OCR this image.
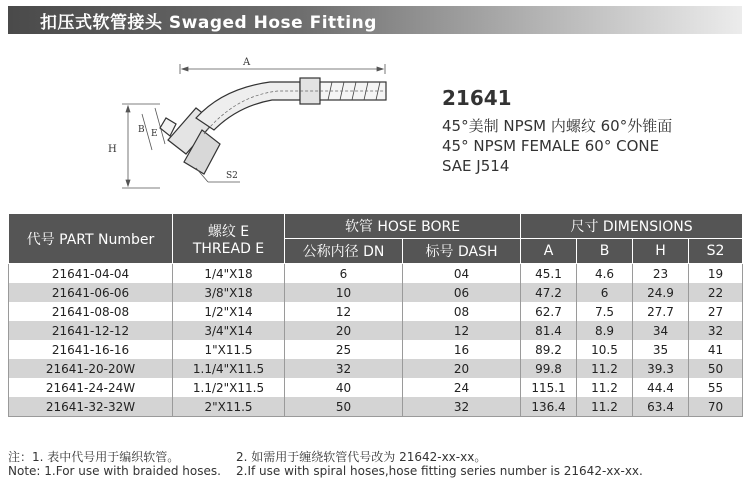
扣压式软管接头 Swaged Hose Fitting
A
H
B E
S2
21641
45°美制 NPSM 内螺纹 60°外锥面
45° NPSM FEMALE 60° CONE
SAE J514
代号 PART Number	螺纹 E
THREAD E	软管 HOSE BORE		尺寸 DIMENSIONS			
		公称内径 DN	标号 DASH	A	B	H	S2
21641-04-04	1/4"X18	6	04	45.1	4.6	23	19
21641-06-06	3/8"X18	10	06	47.2	6	24.9	22
21641-08-08	1/2"X14	12	08	62.7	7.5	27.7	27
21641-12-12	3/4"X14	20	12	81.4	8.9	34	32
21641-16-16	1"X11.5	25	16	89.2	10.5	35	41
21641-20-20W	1.1/4"X11.5	32	20	99.8	11.2	39.3	50
21641-24-24W	1.1/2"X11.5	40	24	115.1	11.2	44.4	55
21641-32-32W	2"X11.5	50	32	136.4	11.2	63.4	70
注：1. 表中代号用于编织软管。	2. 如需用于缠绕软管代号改为 21642-xx-xx。
Note: 1.For use with braided hoses. 2.If use with spiral hoses,hose fitting series number is 21642-xx-xx.
